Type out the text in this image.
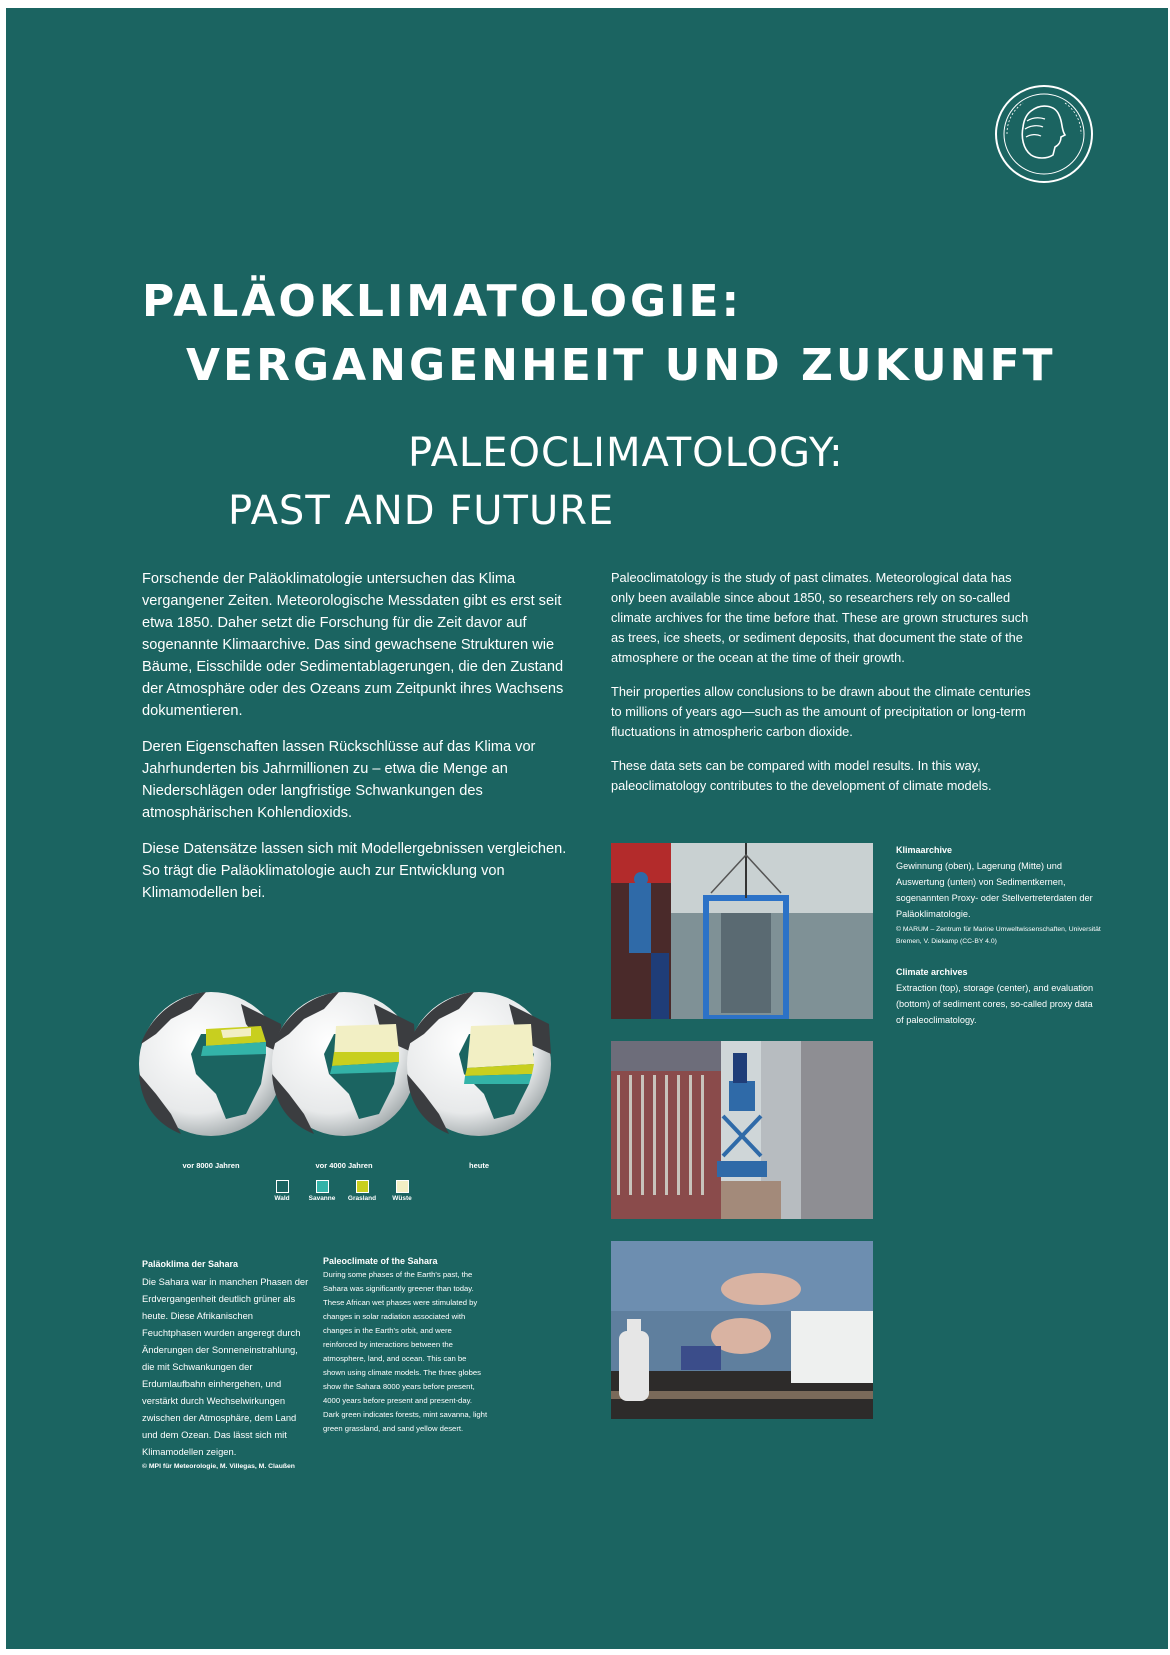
PALÄOKLIMATOLOGIE:
VERGANGENHEIT UND ZUKUNFT
PALEOCLIMATOLOGY:
PAST AND FUTURE

Forschende der Paläoklimatologie untersuchen das Klima vergangener Zeiten. Meteorologische Messdaten gibt es erst seit etwa 1850. Daher setzt die Forschung für die Zeit davor auf sogenannte Klimaarchive. Das sind gewachsene Strukturen wie Bäume, Eisschilde oder Sedimentablagerungen, die den Zustand der Atmosphäre oder des Ozeans zum Zeitpunkt ihres Wachsens dokumentieren.

Deren Eigenschaften lassen Rückschlüsse auf das Klima vor Jahrhunderten bis Jahrmillionen zu – etwa die Menge an Niederschlägen oder langfristige Schwankungen des atmosphärischen Kohlendioxids.

Diese Datensätze lassen sich mit Modellergebnissen vergleichen. So trägt die Paläoklimatologie auch zur Entwicklung von Klimamodellen bei.

Paleoclimatology is the study of past climates. Meteorological data has only been available since about 1850, so researchers rely on so-called climate archives for the time before that. These are grown structures such as trees, ice sheets, or sediment deposits, that document the state of the atmosphere or the ocean at the time of their growth.

Their properties allow conclusions to be drawn about the climate centuries to millions of years ago—such as the amount of precipitation or long-term fluctuations in atmospheric carbon dioxide.

These data sets can be compared with model results. In this way, paleoclimatology contributes to the development of climate models.

Klimaarchive
Gewinnung (oben), Lagerung (Mitte) und Auswertung (unten) von Sedimentkernen, sogenannten Proxy- oder Stellvertreterdaten der Paläoklimatologie.
© MARUM – Zentrum für Marine Umweltwissenschaften, Universität Bremen, V. Diekamp (CC-BY 4.0)
Climate archives
Extraction (top), storage (center), and evaluation (bottom) of sediment cores, so-called proxy data of paleoclimatology.
vor 8000 Jahren	vor 4000 Jahren	heute
Wald	Savanne Grasland Wüste
Paläoklima der Sahara
Die Sahara war in manchen Phasen der Erdvergangenheit deutlich grüner als heute. Diese Afrikanischen Feuchtphasen wurden angeregt durch Änderungen der Sonneneinstrahlung, die mit Schwankungen der Erdumlaufbahn einhergehen, und verstärkt durch Wechselwirkungen zwischen der Atmosphäre, dem Land und dem Ozean. Das lässt sich mit Klimamodellen zeigen.
© MPI für Meteorologie, M. Villegas, M. Claußen
Paleoclimate of the Sahara
During some phases of the Earth's past, the Sahara was significantly greener than today. These African wet phases were stimulated by changes in solar radiation associated with changes in the Earth's orbit, and were reinforced by interactions between the atmosphere, land, and ocean. This can be shown using climate models. The three globes show the Sahara 8000 years before present, 4000 years before present and present-day. Dark green indicates forests, mint savanna, light green grassland, and sand yellow desert.
